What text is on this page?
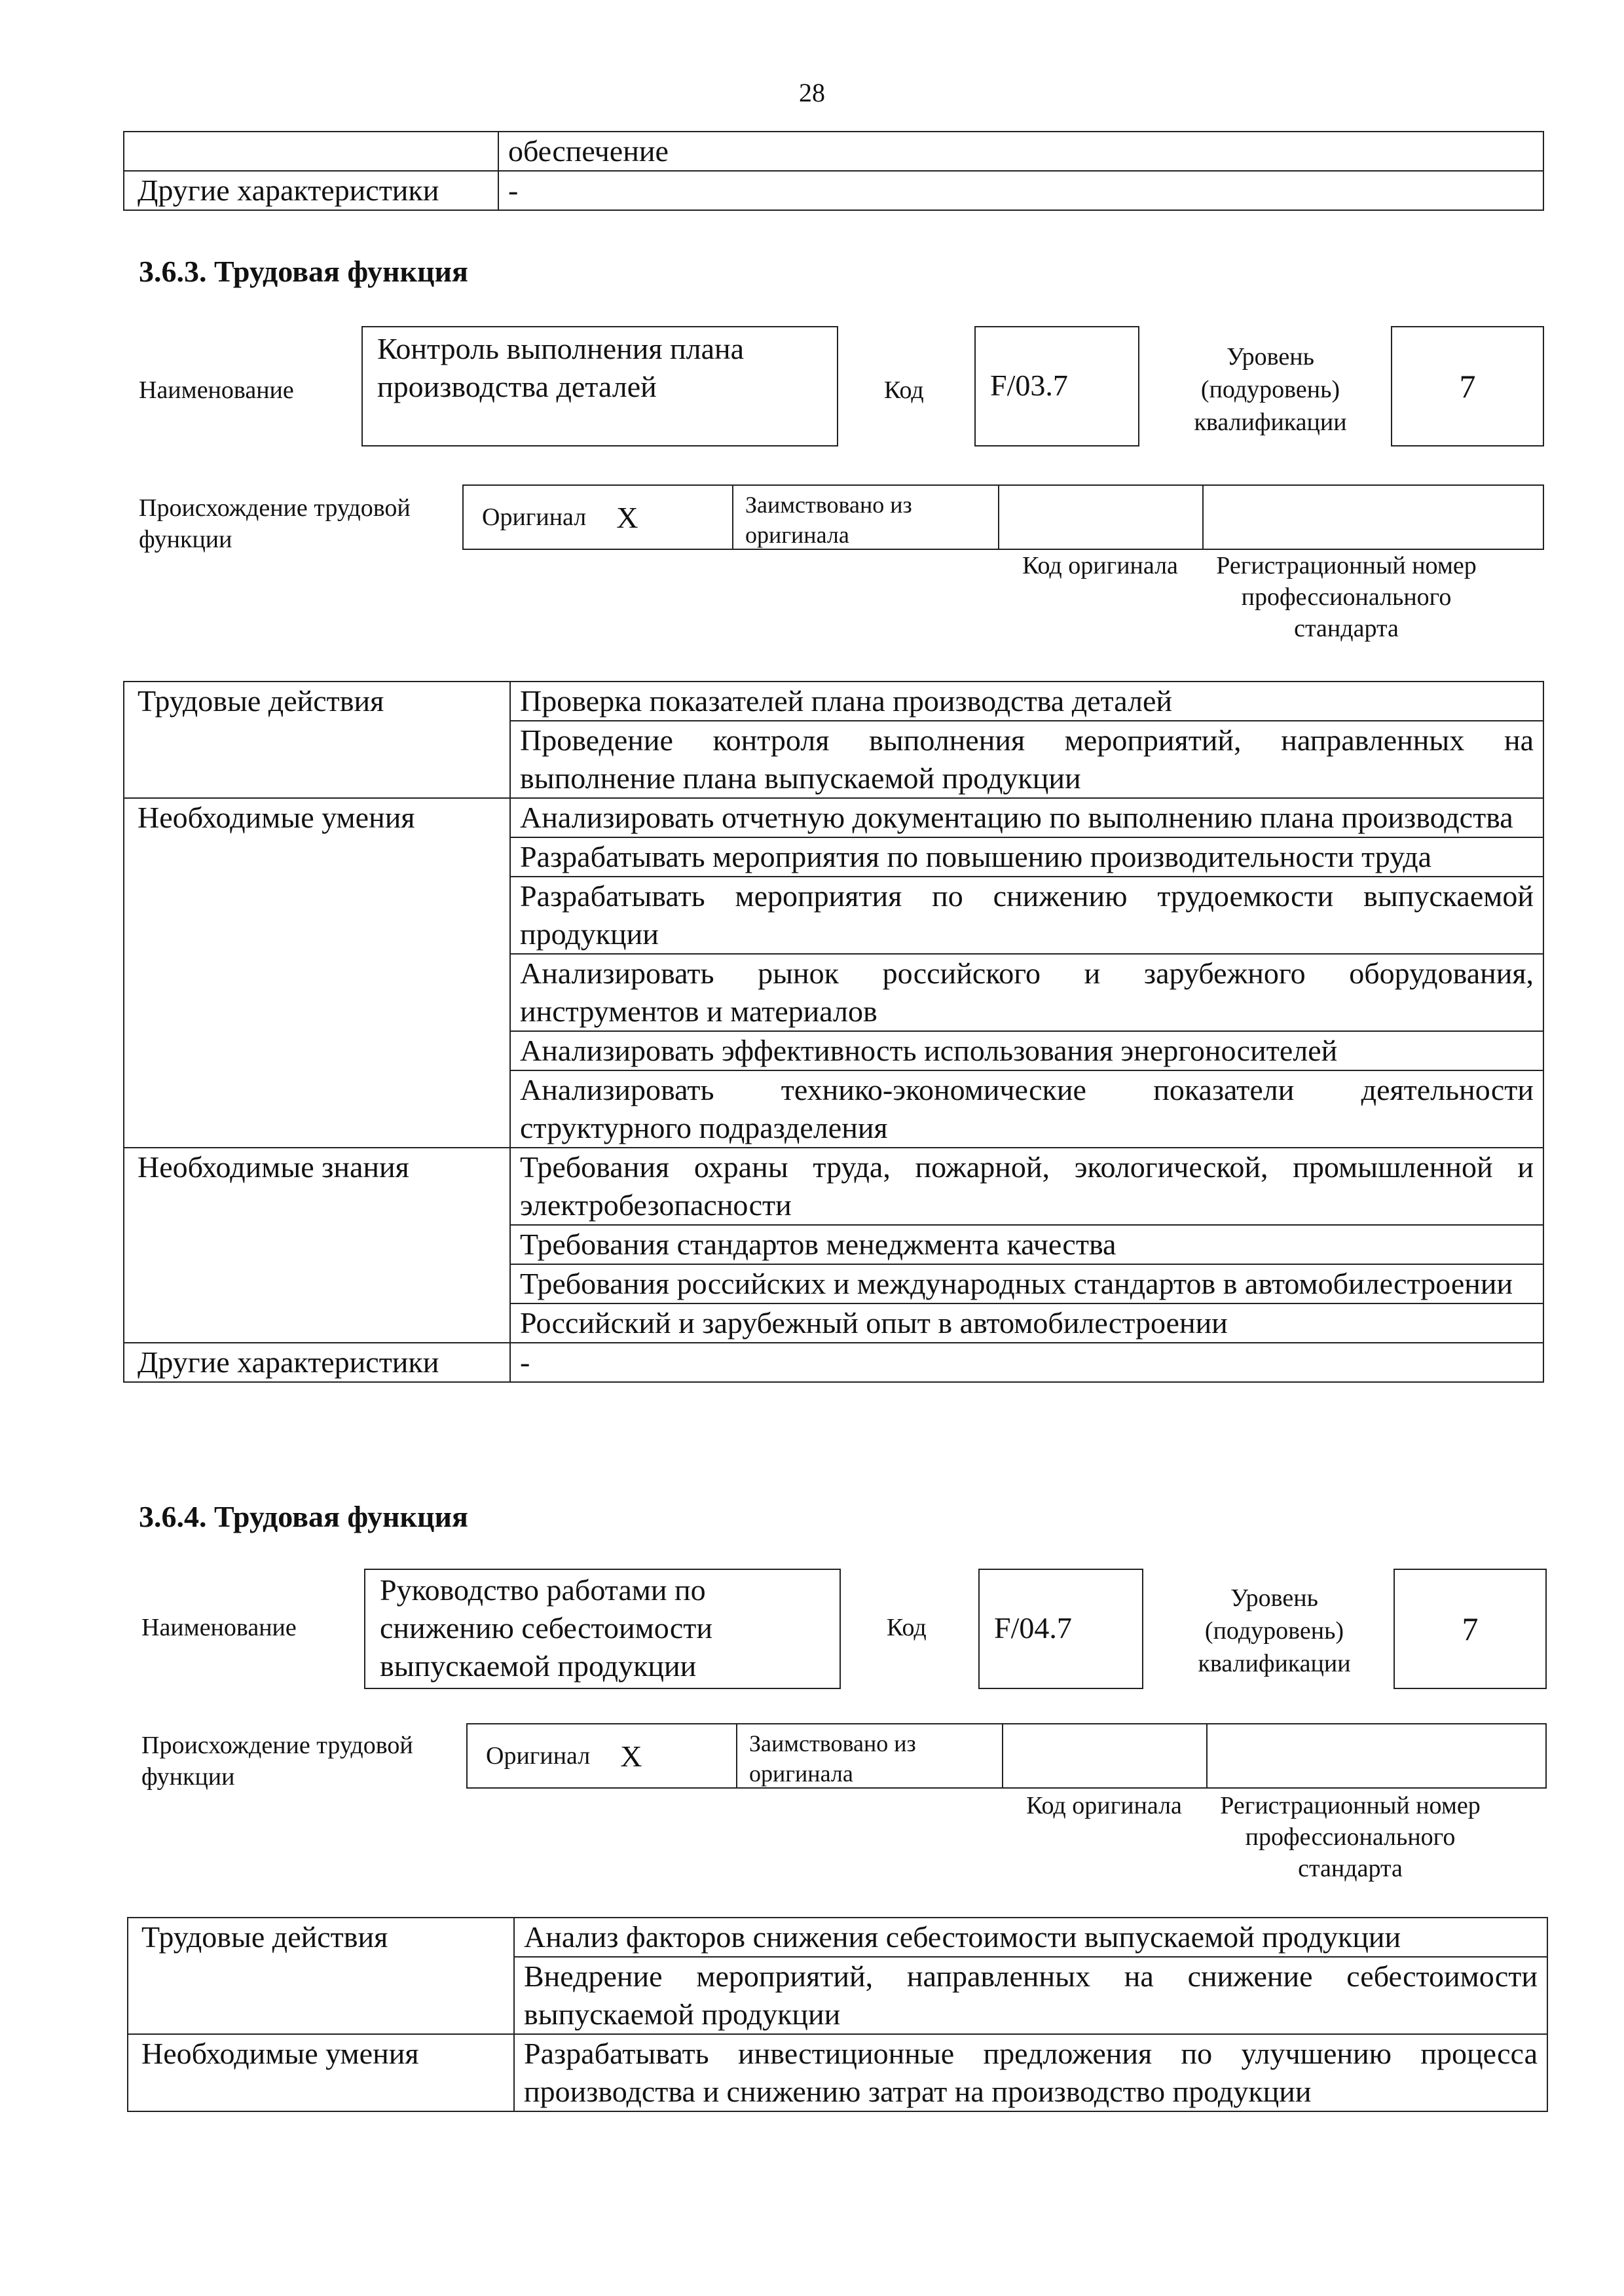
28
	обеспечение
Другие характеристики	-
3.6.3. Трудовая функция
Наименование
Контроль выполнения плана производства деталей	Код	F/03.7
Уровень (подуровень) квалификации
7
Происхождение трудовой функции
Оригинал X	Заимствовано из оригинала
Код оригинала	Регистрационный номер профессионального стандарта
Трудовые действия	Проверка показателей плана производства деталей
	Проведение контроля выполнения мероприятий, направленных на выполнение плана выпускаемой продукции
Необходимые умения	Анализировать отчетную документацию по выполнению плана производства
	Разрабатывать мероприятия по повышению производительности труда
	Разрабатывать мероприятия по снижению трудоемкости выпускаемой продукции
	Анализировать рынок российского и зарубежного оборудования, инструментов и материалов
	Анализировать эффективность использования энергоносителей
	Анализировать технико-экономические показатели деятельности структурного подразделения
Необходимые знания	Требования охраны труда, пожарной, экологической, промышленной и электробезопасности
	Требования стандартов менеджмента качества
	Требования российских и международных стандартов в автомобилестроении
	Российский и зарубежный опыт в автомобилестроении
Другие характеристики	-
3.6.4. Трудовая функция
Наименование
Руководство работами по снижению себестоимости выпускаемой продукции
Код	F/04.7
Уровень (подуровень) квалификации
7
Происхождение трудовой функции
Оригинал X	Заимствовано из оригинала
Код оригинала	Регистрационный номер профессионального стандарта
Трудовые действия	Анализ факторов снижения себестоимости выпускаемой продукции
	Внедрение мероприятий, направленных на снижение себестоимости выпускаемой продукции
Необходимые умения	Разрабатывать инвестиционные предложения по улучшению процесса производства и снижению затрат на производство продукции
